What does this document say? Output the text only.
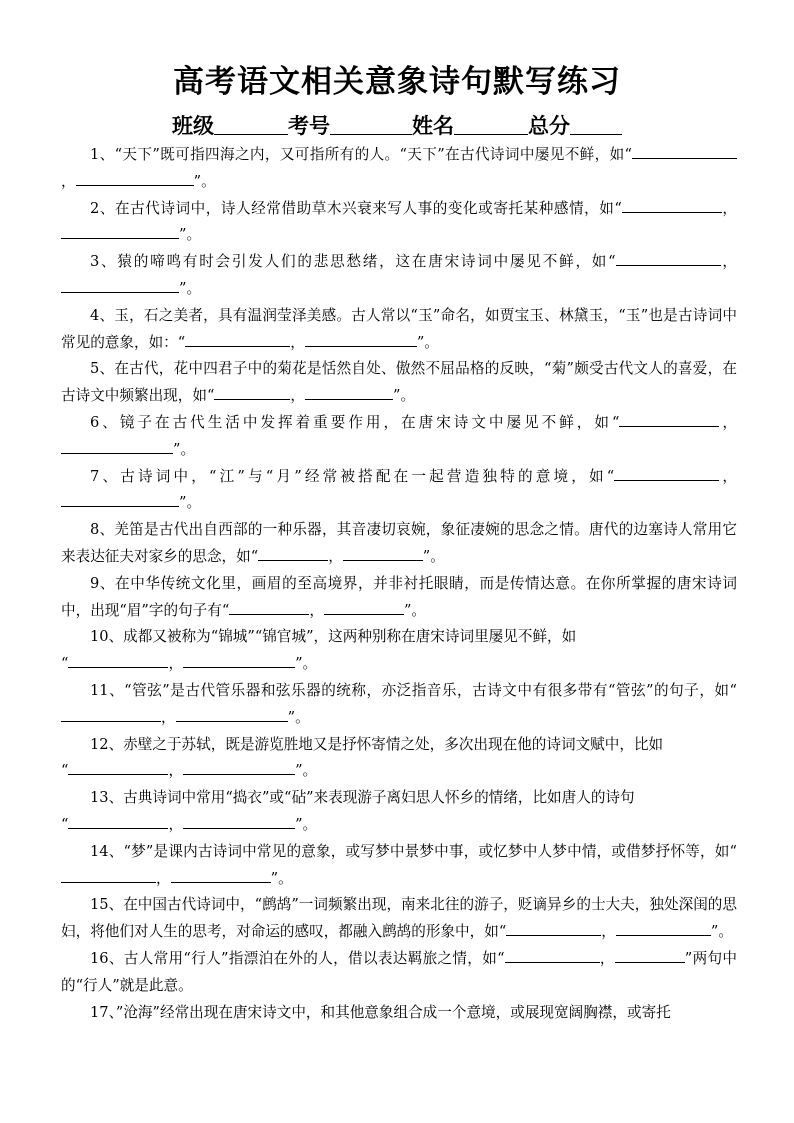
高考语文相关意象诗句默写练习
班级	考号	姓名	总分

1、“天下”既可指四海之内，又可指所有的人。“天下”在古代诗词中屡见不鲜，如“，	”。

2、在古代诗词中，诗人经常借助草木兴衰来写人事的变化或寄托某种感情，如“	，”。

3、猿的啼鸣有时会引发人们的悲思愁绪，这在唐宋诗词中屡见不鲜，如“	，”。

4、玉，石之美者，具有温润莹泽美感。古人常以“玉”命名，如贾宝玉、林黛玉，“玉”也是古诗词中常见的意象，如：“	，	”。

5、在古代，花中四君子中的菊花是恬然自处、傲然不屈品格的反映，“菊”颇受古代文人的喜爱，在古诗文中频繁出现，如“	，	”。

6、镜子在古代生活中发挥着重要作用，在唐宋诗文中屡见不鲜，如“	，”。

7、古诗词中，“江”与“月”经常被搭配在一起营造独特的意境，如“	，”。

8、羌笛是古代出自西部的一种乐器，其音凄切哀婉，象征凄婉的思念之情。唐代的边塞诗人常用它来表达征夫对家乡的思念，如“	，	”。

9、在中华传统文化里，画眉的至高境界，并非衬托眼睛，而是传情达意。在你所掌握的唐宋诗词中，出现“眉”字的句子有“	，	”。

10、成都又被称为“锦城”“锦官城”，这两种别称在唐宋诗词里屡见不鲜，如
“	，	”。

11、“管弦”是古代管乐器和弦乐器的统称，亦泛指音乐，古诗文中有很多带有“管弦”的句子，如“，	”。

12、赤壁之于苏轼，既是游览胜地又是抒怀寄情之处，多次出现在他的诗词文赋中，比如
“	，	”。

13、古典诗词中常用“捣衣”或“砧”来表现游子离妇思人怀乡的情绪，比如唐人的诗句
“	，	”。

14、“梦”是课内古诗词中常见的意象，或写梦中景梦中事，或忆梦中人梦中情，或借梦抒怀等，如“，	”。

15、在中国古代诗词中，“鹧鸪”一词频繁出现，南来北往的游子，贬谪异乡的士大夫，独处深闺的思妇，将他们对人生的思考，对命运的感叹，都融入鹧鸪的形象中，如“	，	”。

16、古人常用“行人”指漂泊在外的人，借以表达羁旅之情，如“	，	”两句中的“行人”就是此意。

17、”沧海”经常出现在唐宋诗文中，和其他意象组合成一个意境，或展现宽阔胸襟，或寄托
